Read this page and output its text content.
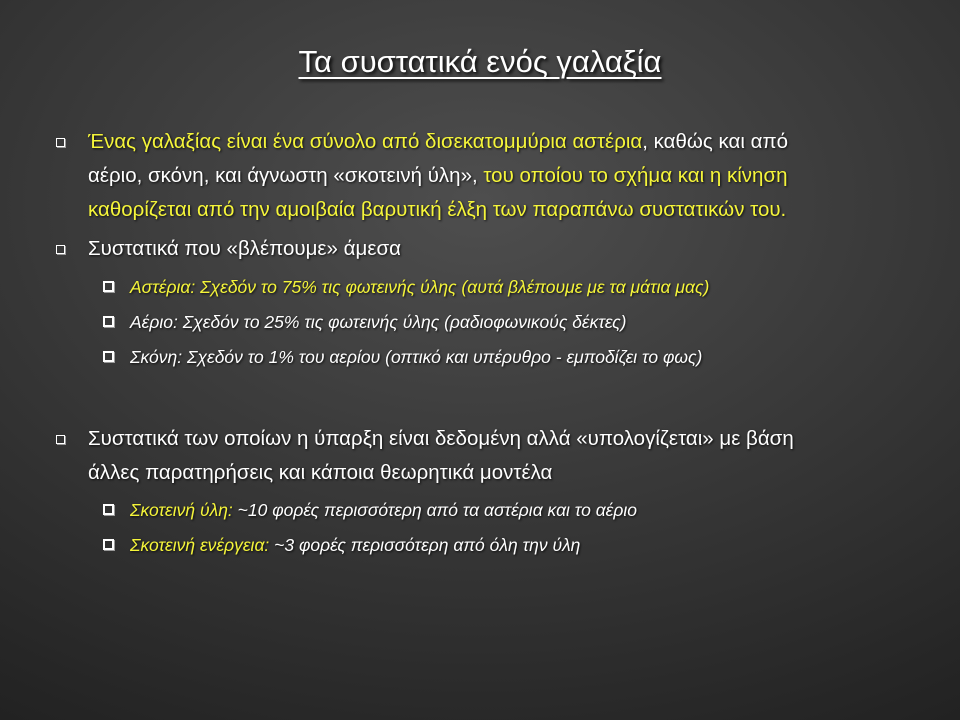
Τα συστατικά ενός γαλαξία
Ένας γαλαξίας είναι ένα σύνολο από δισεκατομμύρια αστέρια, καθώς και από
αέριο, σκόνη, και άγνωστη «σκοτεινή ύλη», του οποίου το σχήμα και η κίνηση
καθορίζεται από την αμοιβαία βαρυτική έλξη των παραπάνω συστατικών του.
Συστατικά που «βλέπουμε» άμεσα
Αστέρια: Σχεδόν το 75% τις φωτεινής ύλης (αυτά βλέπουμε με τα μάτια μας)
Αέριο: Σχεδόν το 25% τις φωτεινής ύλης (ραδιοφωνικούς δέκτες)
Σκόνη: Σχεδόν το 1% του αερίου (οπτικό και υπέρυθρο - εμποδίζει το φως)
Συστατικά των οποίων η ύπαρξη είναι δεδομένη αλλά «υπολογίζεται» με βάση
άλλες παρατηρήσεις και κάποια θεωρητικά μοντέλα
Σκοτεινή ύλη: ~10 φορές περισσότερη από τα αστέρια και το αέριο
Σκοτεινή ενέργεια: ~3 φορές περισσότερη από όλη την ύλη
